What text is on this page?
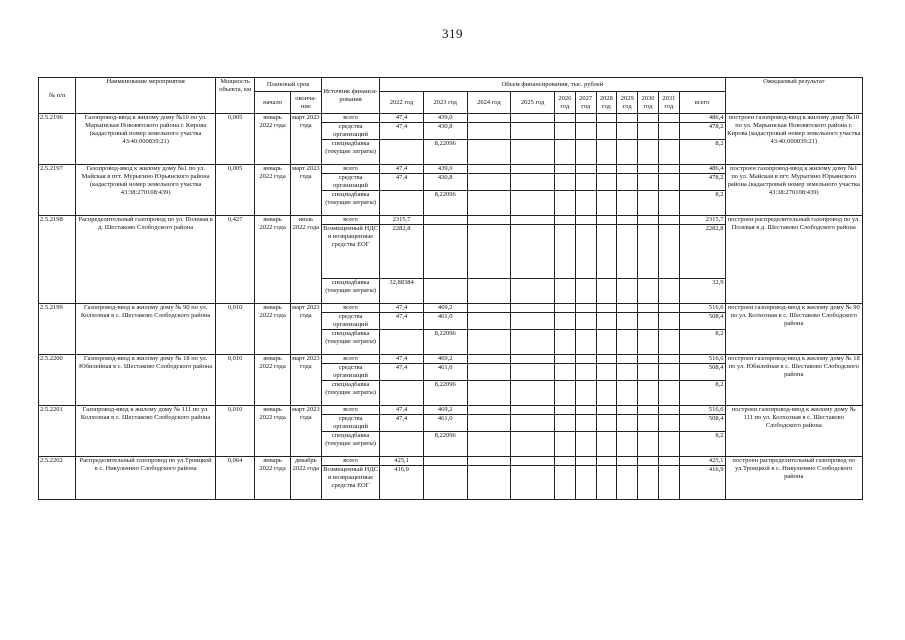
319
№ п/п	Наименование мероприятия	Мощность объекта, км	Плановый срок		Источник финанси-рования	Объем финансирования, тыс. рублей											Ожидаемый результат
			начало	оконча-ние		2022 год	2023 год	2024 год	2025 год	2026 год	2027 год	2028 год	2029 год	2030 год	2031 год	всего	
2.5.2196	Газопровод-ввод к жилому дому №10 по ул. Марьинская Нововятского района г. Кирова (кадастровый номер земельного участка 43:40:000839:21)	0,005	январь 2022 года	март 2023 года	всего	47,4	439,0									486,4	построен газопровод-ввод к жилому дому №10 по ул. Марьинская Нововятского района г. Кирова (кадастровый номер земельного участка 43:40:000839:21)
					средства организаций	47,4	430,8									478,2	
					спецнадбавка (текущие затраты)		8,22096									8,2	
2.5.2197	Газопровод-ввод к жилому дому №1 по ул. Майская в пгт. Мурыгино Юрьянского района (кадастровый номер земельного участка 43:38:270108:439)	0,005	январь 2022 года	март 2023 года	всего	47,4	439,0									486,4	построен газопровод-ввод к жилому дому №1 по ул. Майская в пгт. Мурыгино Юрьянского района (кадастровый номер земельного участка 43:38:270108:439)
					средства организаций	47,4	430,8									478,2	
					спецнадбавка (текущие затраты)		8,22096									8,2	
2.5.2198	Распределительный газопровод по ул. Полевая в д. Шестаково Слободского района	0,427	январь 2022 года	июль 2022 года	всего	2315,7										2315,7	построен распределительный газопровод по ул. Полевая в д. Шестаково Слободского района
					Возмещенный НДС и возвращенные средства ЕОГ	2282,8										2282,8	
					спецнадбавка (текущие затраты)	32,88384										32,9	
2.5.2199	Газопровод-ввод к жилому дому № 90 по ул. Колхозная в с. Шестаково Слободского района	0,010	январь 2022 года	март 2023 года	всего	47,4	469,2									516,6	построен газопровод-ввод к жилому дому № 90 по ул. Колхозная в с. Шестаково Слободского района
					средства организаций	47,4	461,0									508,4	
					спецнадбавка (текущие затраты)		8,22096									8,2	
2.5.2200	Газопровод-ввод к жилому дому № 18 по ул. Юбилейная в с. Шестаково Слободского района	0,010	январь 2022 года	март 2023 года	всего	47,4	469,2									516,6	построен газопровод-ввод к жилому дому № 18 по ул. Юбилейная в с. Шестаково Слободского района
					средства организаций	47,4	461,0									508,4	
					спецнадбавка (текущие затраты)		8,22096									8,2	
2.5.2201	Газопровод-ввод к жилому дому № 111 по ул. Колхозная в с. Шестаково Слободского района	0,010	январь 2022 года	март 2023 года	всего	47,4	469,2									516,6	построен газопровод-ввод к жилому дому № 111 по ул. Колхозная в с. Шестаково Слободского района
					средства организаций	47,4	461,0									508,4	
					спецнадбавка (текущие затраты)		8,22096									8,2	
2.5.2202	Распределительный газопровод по ул.Троицкой в с. Никульчино Слободского района	0,064	январь 2022 года	декабрь 2022 года	всего	425,1										425,1	построен распределительный газопровод по ул.Троицкой в с. Никульчино Слободского района
					Возмещенный НДС и возвращенные средства ЕОГ	416,9										416,9	
